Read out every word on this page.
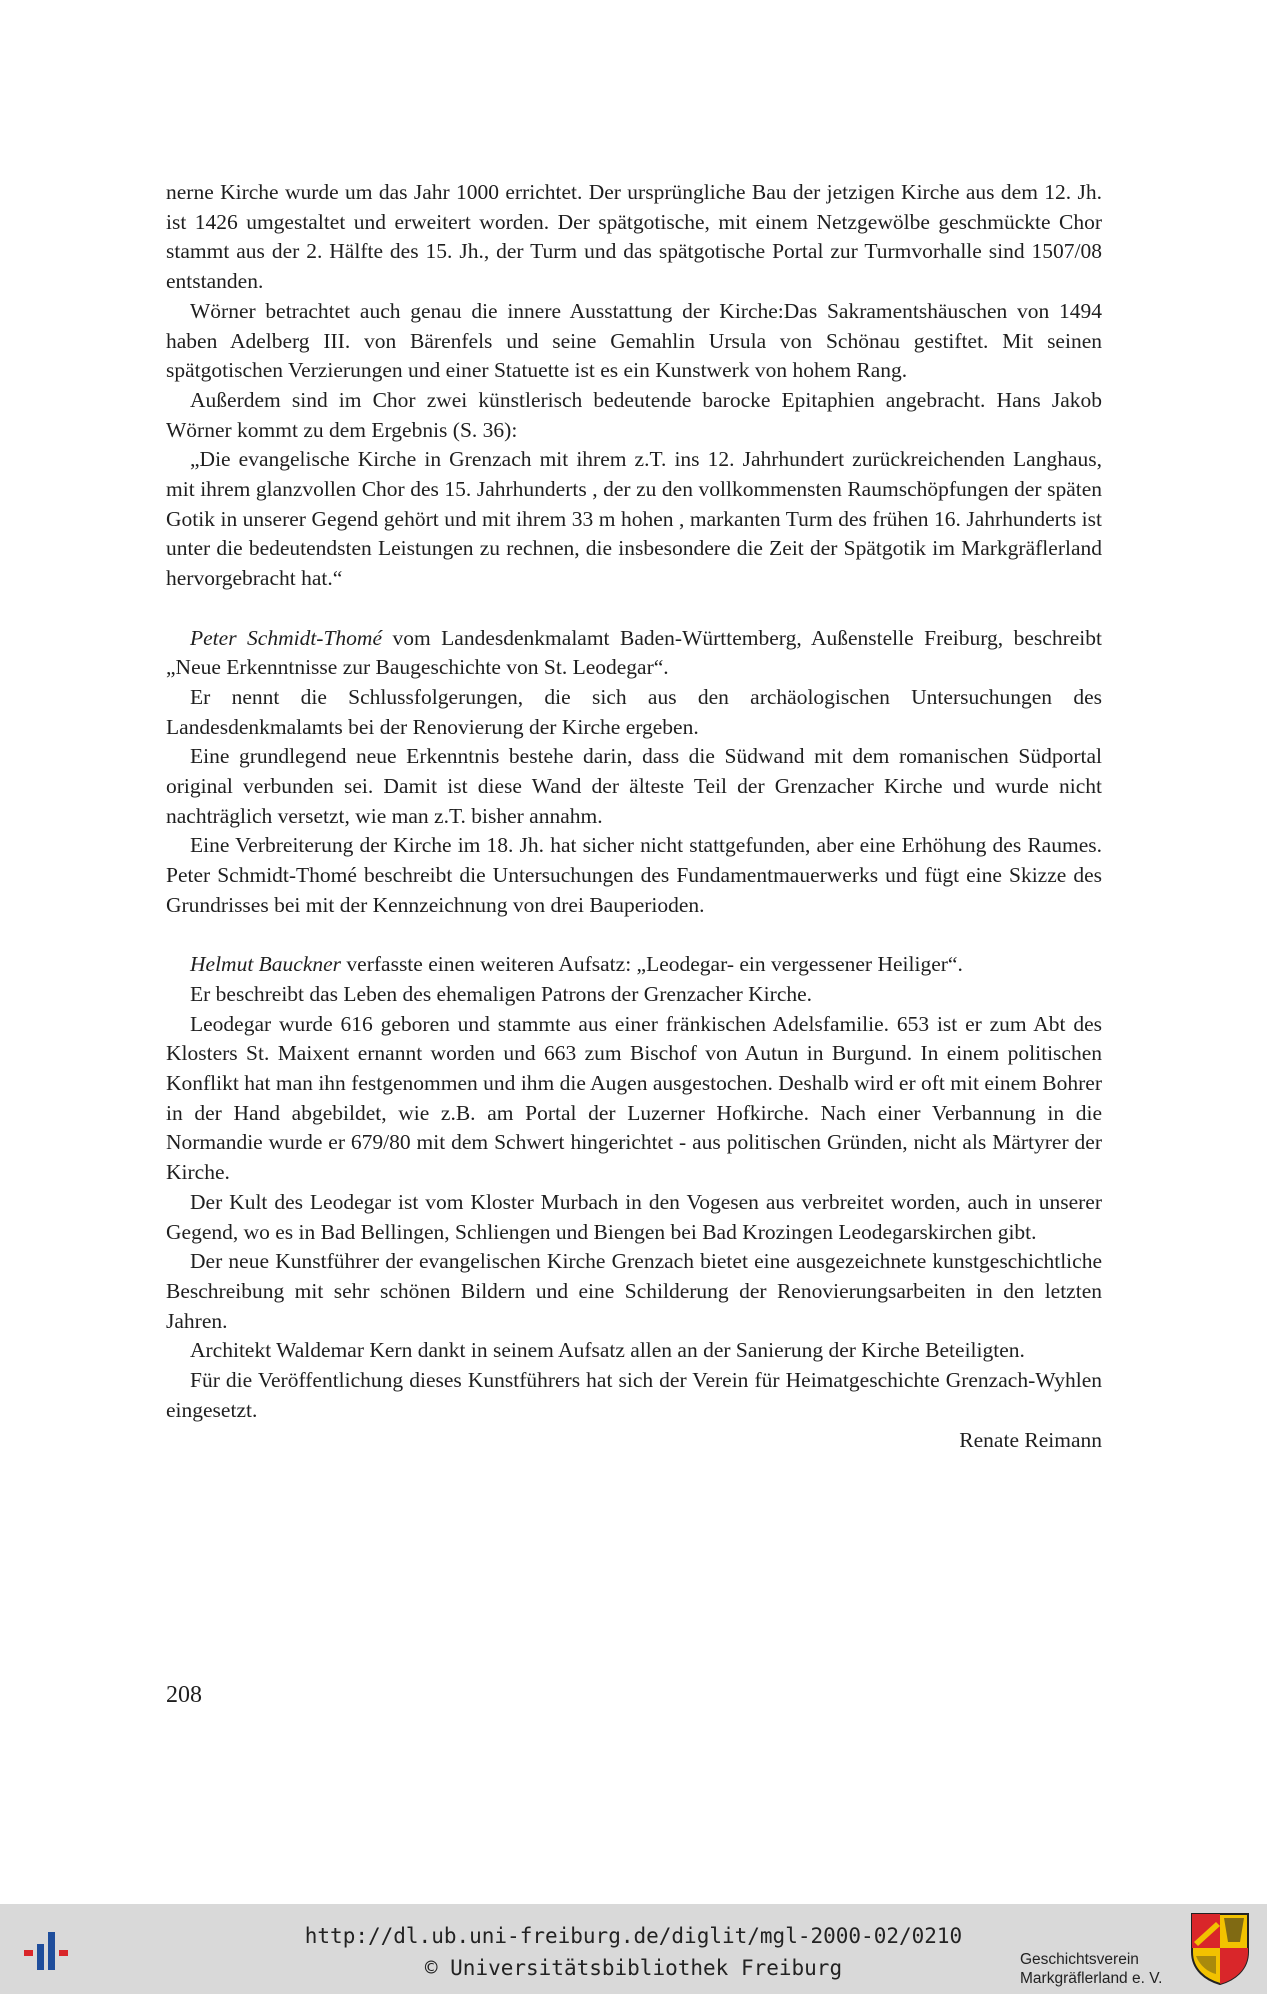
nerne Kirche wurde um das Jahr 1000 errichtet. Der ursprüngliche Bau der jetzigen Kirche aus dem 12. Jh. ist 1426 umgestaltet und erweitert worden. Der spätgotische, mit einem Netzgewölbe geschmückte Chor stammt aus der 2. Hälfte des 15. Jh., der Turm und das spätgotische Portal zur Turmvorhalle sind 1507/08 entstanden.

Wörner betrachtet auch genau die innere Ausstattung der Kirche:Das Sakramentshäuschen von 1494 haben Adelberg III. von Bärenfels und seine Gemahlin Ursula von Schönau gestiftet. Mit seinen spätgotischen Verzierungen und einer Statuette ist es ein Kunstwerk von hohem Rang.

Außerdem sind im Chor zwei künstlerisch bedeutende barocke Epitaphien angebracht. Hans Jakob Wörner kommt zu dem Ergebnis (S. 36):

„Die evangelische Kirche in Grenzach mit ihrem z.T. ins 12. Jahrhundert zurückreichenden Langhaus, mit ihrem glanzvollen Chor des 15. Jahrhunderts , der zu den vollkommensten Raumschöpfungen der späten Gotik in unserer Gegend gehört und mit ihrem 33 m hohen , markanten Turm des frühen 16. Jahrhunderts ist unter die bedeutendsten Leistungen zu rechnen, die insbesondere die Zeit der Spätgotik im Markgräflerland hervorgebracht hat.“

Peter Schmidt-Thomé vom Landesdenkmalamt Baden-Württemberg, Außenstelle Freiburg, beschreibt „Neue Erkenntnisse zur Baugeschichte von St. Leodegar“.

Er nennt die Schlussfolgerungen, die sich aus den archäologischen Untersuchungen des Landesdenkmalamts bei der Renovierung der Kirche ergeben.

Eine grundlegend neue Erkenntnis bestehe darin, dass die Südwand mit dem romanischen Südportal original verbunden sei. Damit ist diese Wand der älteste Teil der Grenzacher Kirche und wurde nicht nachträglich versetzt, wie man z.T. bisher annahm.

Eine Verbreiterung der Kirche im 18. Jh. hat sicher nicht stattgefunden, aber eine Erhöhung des Raumes. Peter Schmidt-Thomé beschreibt die Untersuchungen des Fundamentmauerwerks und fügt eine Skizze des Grundrisses bei mit der Kennzeichnung von drei Bauperioden.

Helmut Bauckner verfasste einen weiteren Aufsatz: „Leodegar- ein vergessener Heiliger“.

Er beschreibt das Leben des ehemaligen Patrons der Grenzacher Kirche.

Leodegar wurde 616 geboren und stammte aus einer fränkischen Adelsfamilie. 653 ist er zum Abt des Klosters St. Maixent ernannt worden und 663 zum Bischof von Autun in Burgund. In einem politischen Konflikt hat man ihn festgenommen und ihm die Augen ausgestochen. Deshalb wird er oft mit einem Bohrer in der Hand abgebildet, wie z.B. am Portal der Luzerner Hofkirche. Nach einer Verbannung in die Normandie wurde er 679/80 mit dem Schwert hingerichtet - aus politischen Gründen, nicht als Märtyrer der Kirche.

Der Kult des Leodegar ist vom Kloster Murbach in den Vogesen aus verbreitet worden, auch in unserer Gegend, wo es in Bad Bellingen, Schliengen und Biengen bei Bad Krozingen Leodegarskirchen gibt.

Der neue Kunstführer der evangelischen Kirche Grenzach bietet eine ausgezeichnete kunstgeschichtliche Beschreibung mit sehr schönen Bildern und eine Schilderung der Renovierungsarbeiten in den letzten Jahren.

Architekt Waldemar Kern dankt in seinem Aufsatz allen an der Sanierung der Kirche Beteiligten.

Für die Veröffentlichung dieses Kunstführers hat sich der Verein für Heimatgeschichte Grenzach-Wyhlen eingesetzt.

Renate Reimann

208
http://dl.ub.uni-freiburg.de/diglit/mgl-2000-02/0210
© Universitätsbibliothek Freiburg	Geschichtsverein
Markgräflerland e. V.
